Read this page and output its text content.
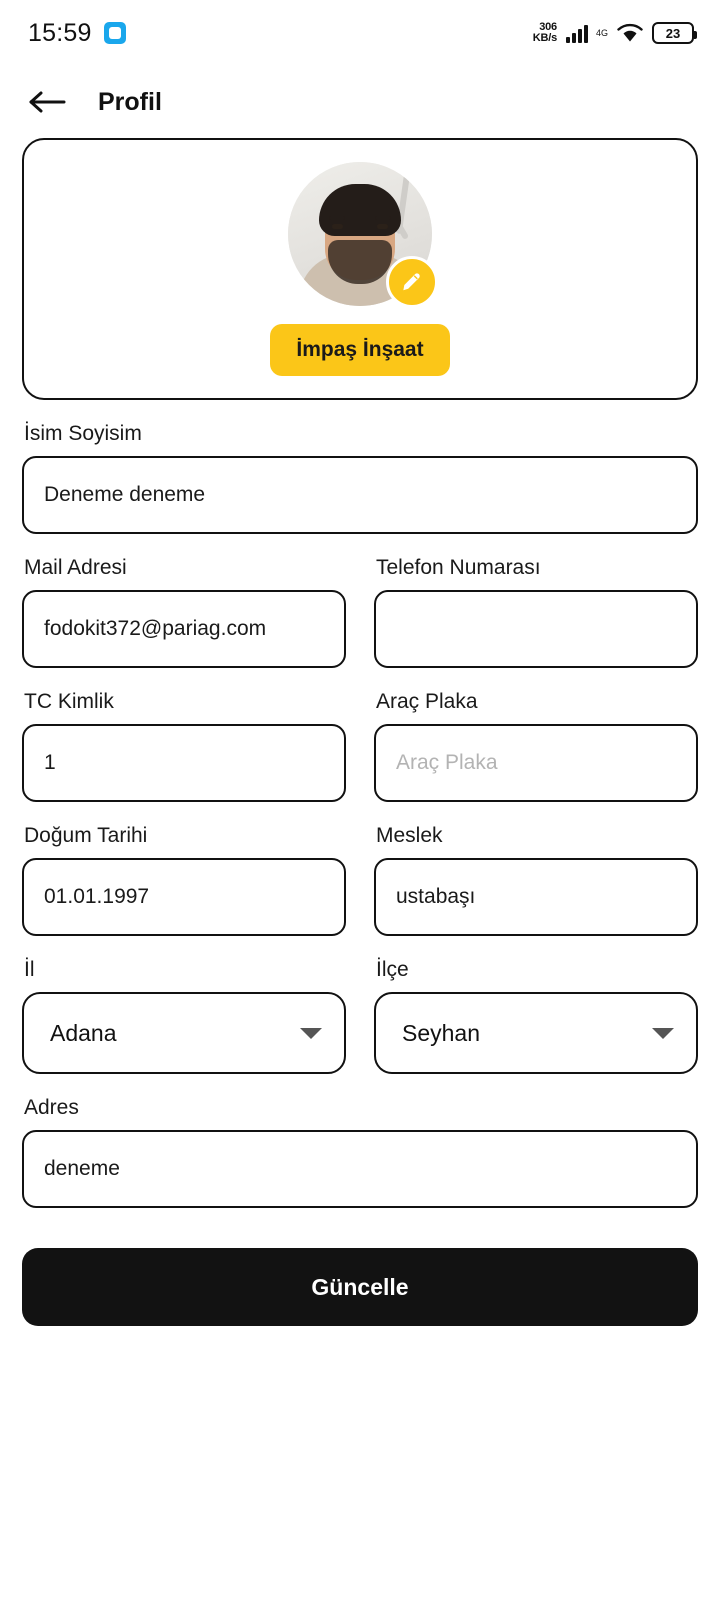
15:59	306
KB/s	4G	23
Profil
İmpaş İnşaat
İsim Soyisim
Deneme deneme
Mail Adresi
fodokit372@pariag.com
Telefon Numarası
TC Kimlik
1
Araç Plaka
Araç Plaka
Doğum Tarihi
01.01.1997
Meslek
ustabaşı
İl
Adana
İlçe
Seyhan
Adres
deneme
Güncelle
